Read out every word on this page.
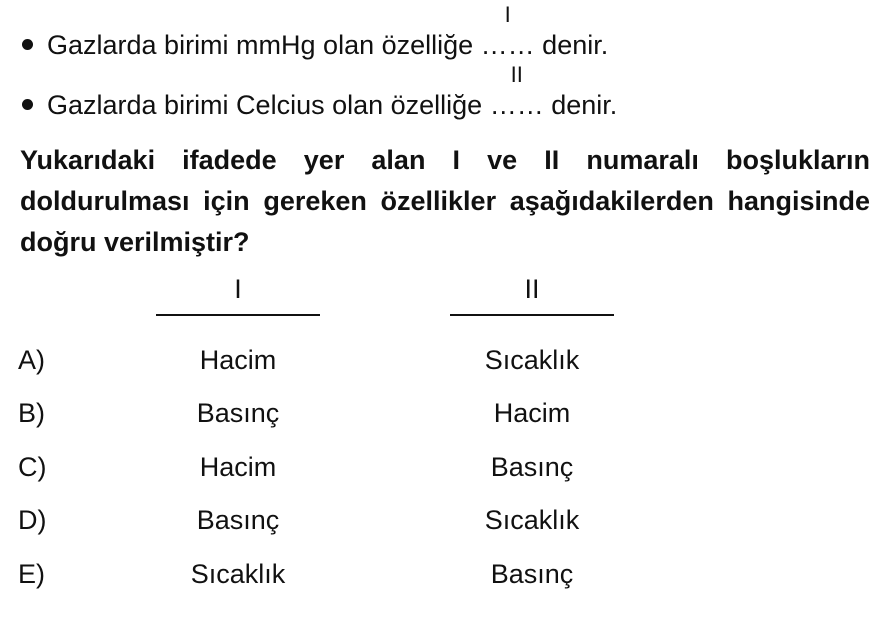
Gazlarda birimi mmHg olan özelliğe
I
…… denir.
Gazlarda birimi Celcius olan özelliğe
II
…… denir.
Yukarıdaki ifadede yer alan I ve II numaralı boşlukların doldurulması için gereken özellikler aşağıdakilerden hangisinde doğru verilmiştir?
I	II
A)	Hacim	Sıcaklık
B)	Basınç	Hacim
C)	Hacim	Basınç
D)	Basınç	Sıcaklık
E)	Sıcaklık	Basınç
